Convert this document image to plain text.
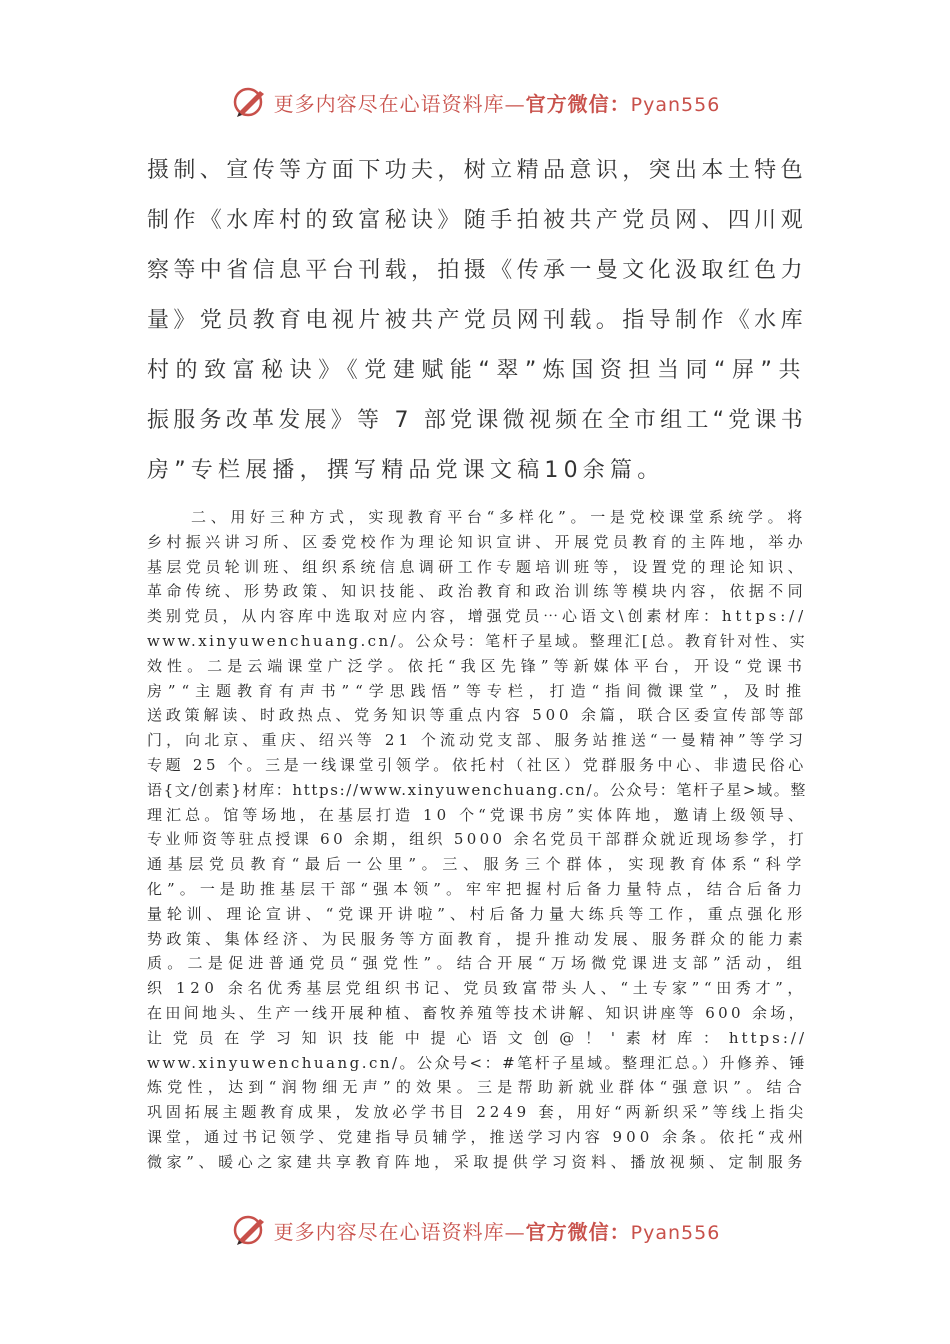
更多内容尽在心语资料库—官方微信：Pyan556

摄制、宣传等方面下功夫，树立精品意识，突出本土特色

制作《水库村的致富秘诀》随手拍被共产党员网、四川观

察等中省信息平台刊载，拍摄《传承一曼文化汲取红色力

量》党员教育电视片被共产党员网刊载。指导制作《水库

村的致富秘诀》《党建赋能“翠”炼国资担当同“屏”共

振服务改革发展》等 7 部党课微视频在全市组工“党课书

房”专栏展播，撰写精品党课文稿10余篇。

二、用好三种方式，实现教育平台“多样化”。一是党校课堂系统学。将

乡村振兴讲习所、区委党校作为理论知识宣讲、开展党员教育的主阵地，举办

基层党员轮训班、组织系统信息调研工作专题培训班等，设置党的理论知识、

革命传统、形势政策、知识技能、政治教育和政治训练等模块内容，依据不同

类别党员，从内容库中选取对应内容，增强党员⋯心语文\创素材库：https://

www.xinyuwenchuang.cn/。公众号：笔杆子星域。整理汇[总。教育针对性、实

效性。二是云端课堂广泛学。依托“我区先锋”等新媒体平台，开设“党课书

房”“主题教育有声书”“学思践悟”等专栏，打造“指间微课堂”，及时推

送政策解读、时政热点、党务知识等重点内容 500 余篇，联合区委宣传部等部

门，向北京、重庆、绍兴等 21 个流动党支部、服务站推送“一曼精神”等学习

专题 25 个。三是一线课堂引领学。依托村（社区）党群服务中心、非遗民俗心

语{文/创素}材库：https://www.xinyuwenchuang.cn/。公众号：笔杆子星>域。整

理汇总。馆等场地，在基层打造 10 个“党课书房”实体阵地，邀请上级领导、

专业师资等驻点授课 60 余期，组织 5000 余名党员干部群众就近现场参学，打

通基层党员教育“最后一公里”。三、服务三个群体，实现教育体系“科学

化”。一是助推基层干部“强本领”。牢牢把握村后备力量特点，结合后备力

量轮训、理论宣讲、“党课开讲啦”、村后备力量大练兵等工作，重点强化形

势政策、集体经济、为民服务等方面教育，提升推动发展、服务群众的能力素

质。二是促进普通党员“强党性”。结合开展“万场微党课进支部”活动，组

织 120 余名优秀基层党组织书记、党员致富带头人、“土专家”“田秀才”，

在田间地头、生产一线开展种植、畜牧养殖等技术讲解、知识讲座等 600 余场，

让 党 员 在 学 习 知 识 技 能 中 提 心 语 文 创 @ ！ ' 素 材 库 ： https://

www.xinyuwenchuang.cn/。公众号<：#笔杆子星域。整理汇总。）升修养、锤

炼党性，达到“润物细无声”的效果。三是帮助新就业群体“强意识”。结合

巩固拓展主题教育成果，发放必学书目 2249 套，用好“两新织采”等线上指尖

课堂，通过书记领学、党建指导员辅学，推送学习内容 900 余条。依托“戎州

微家”、暖心之家建共享教育阵地，采取提供学习资料、播放视频、定制服务

更多内容尽在心语资料库—官方微信：Pyan556
